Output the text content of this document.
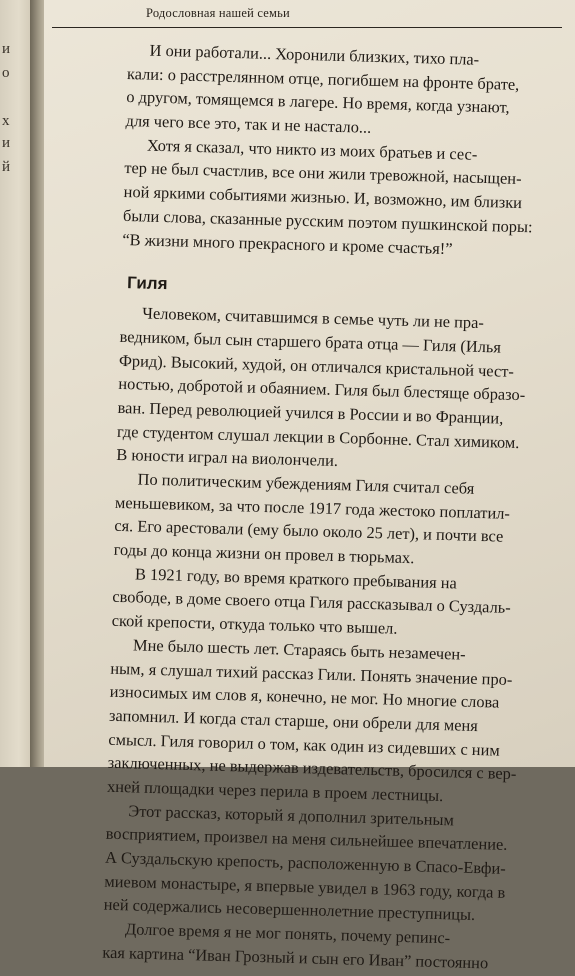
и
о
х
и
й
Родословная нашей семьи
И они работали... Хоронили близких, тихо пла-
кали: о расстрелянном отце, погибшем на фронте брате,
о другом, томящемся в лагере. Но время, когда узнают,
для чего все это, так и не настало...
Хотя я сказал, что никто из моих братьев и сес-
тер не был счастлив, все они жили тревожной, насыщен-
ной яркими событиями жизнью. И, возможно, им близки
были слова, сказанные русским поэтом пушкинской поры:
“В жизни много прекрасного и кроме счастья!”
Гиля
Человеком, считавшимся в семье чуть ли не пра-
ведником, был сын старшего брата отца — Гиля (Илья
Фрид). Высокий, худой, он отличался кристальной чест-
ностью, добротой и обаянием. Гиля был блестяще образо-
ван. Перед революцией учился в России и во Франции,
где студентом слушал лекции в Сорбонне. Стал химиком.
В юности играл на виолончели.
По политическим убеждениям Гиля считал себя
меньшевиком, за что после 1917 года жестоко поплатил-
ся. Его арестовали (ему было около 25 лет), и почти все
годы до конца жизни он провел в тюрьмах.
В 1921 году, во время краткого пребывания на
свободе, в доме своего отца Гиля рассказывал о Суздаль-
ской крепости, откуда только что вышел.
Мне было шесть лет. Стараясь быть незамечен-
ным, я слушал тихий рассказ Гили. Понять значение про-
износимых им слов я, конечно, не мог. Но многие слова
запомнил. И когда стал старше, они обрели для меня
смысл. Гиля говорил о том, как один из сидевших с ним
заключенных, не выдержав издевательств, бросился с вер-
хней площадки через перила в проем лестницы.
Этот рассказ, который я дополнил зрительным
восприятием, произвел на меня сильнейшее впечатление.
А Суздальскую крепость, расположенную в Спасо-Евфи-
миевом монастыре, я впервые увидел в 1963 году, когда в
ней содержались несовершеннолетние преступницы.
Долгое время я не мог понять, почему репинс-
кая картина “Иван Грозный и сын его Иван” постоянно
